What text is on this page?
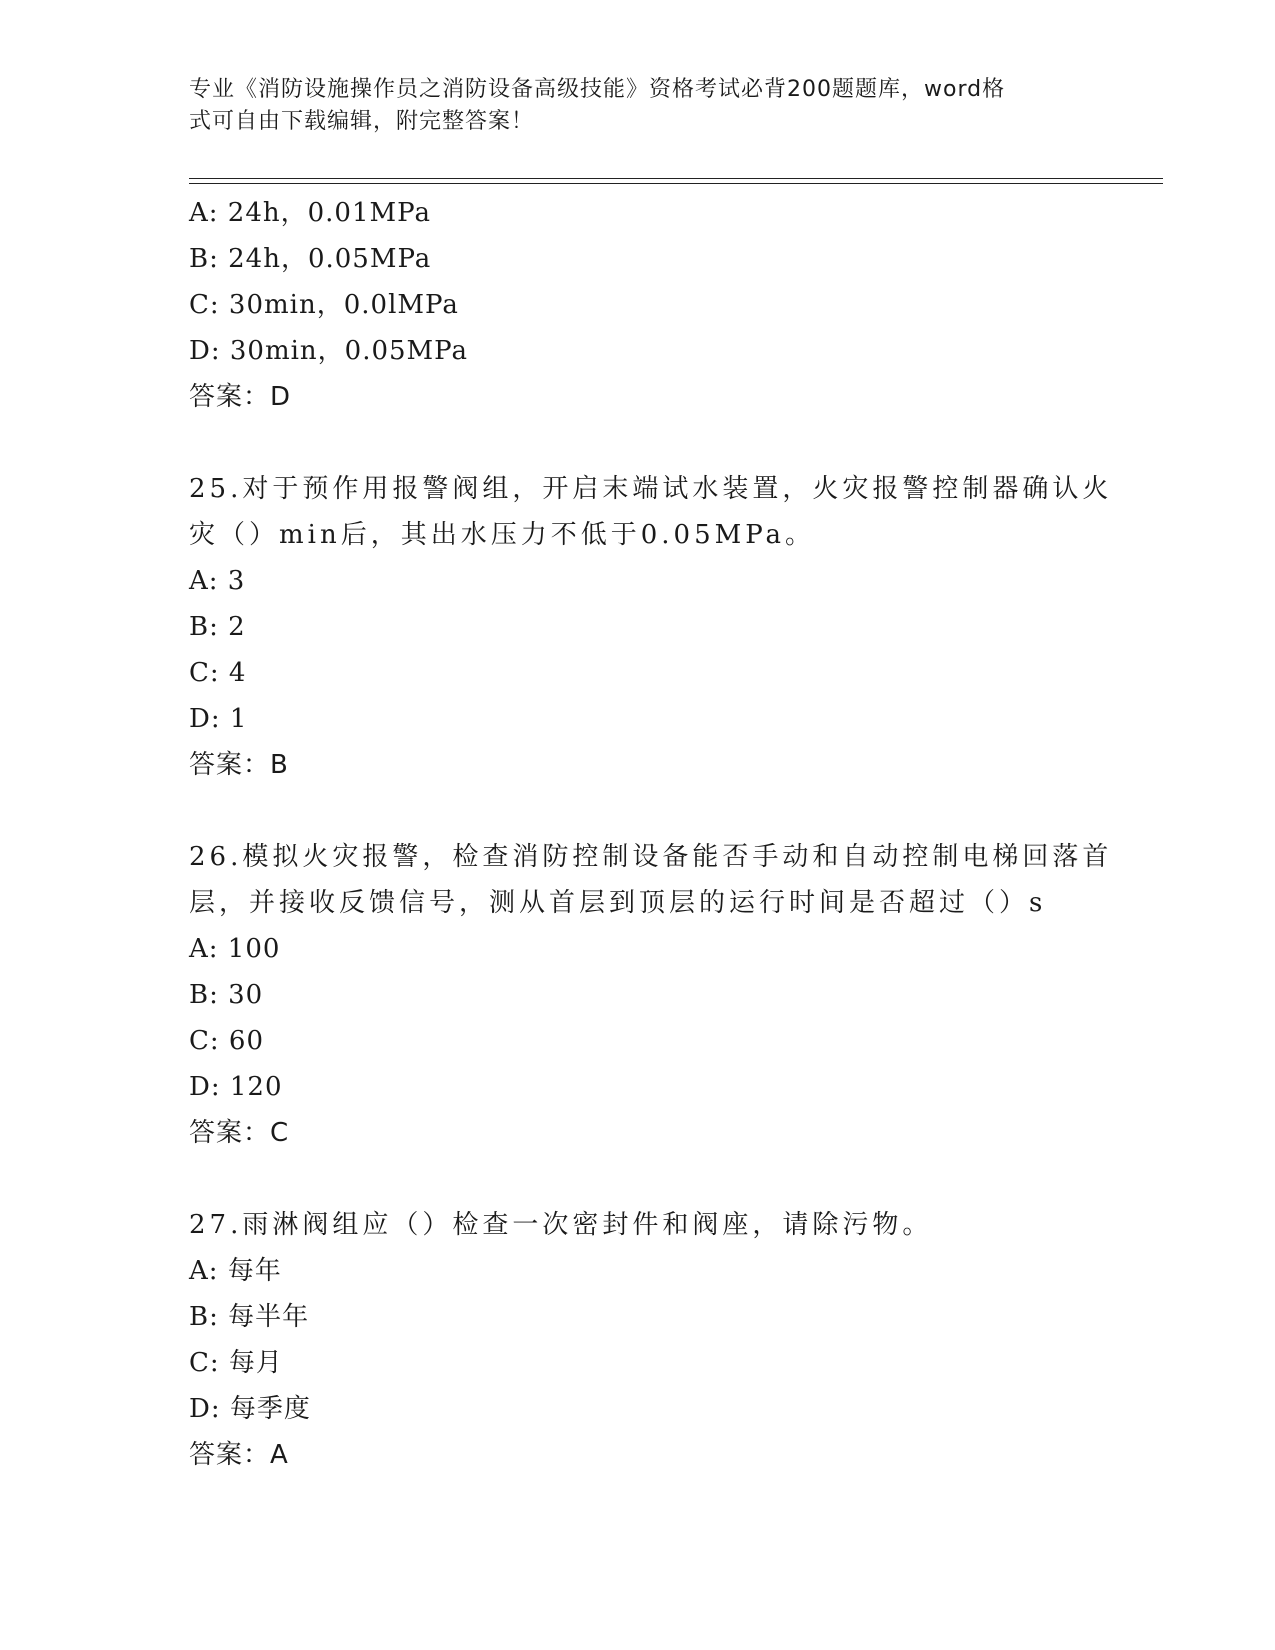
专业《消防设施操作员之消防设备高级技能》资格考试必背200题题库，word格
式可自由下载编辑，附完整答案！
A: 24h，0.01MPa
B: 24h，0.05MPa
C: 30min，0.0lMPa
D: 30min，0.05MPa
答案：D
25.对于预作用报警阀组，开启末端试水装置，火灾报警控制器确认火
灾（）min后，其出水压力不低于0.05MPa。
A: 3
B: 2
C: 4
D: 1
答案：B
26.模拟火灾报警，检查消防控制设备能否手动和自动控制电梯回落首
层，并接收反馈信号，测从首层到顶层的运行时间是否超过（）s
A: 100
B: 30
C: 60
D: 120
答案：C
27.雨淋阀组应（）检查一次密封件和阀座，请除污物。
A: 每年
B: 每半年
C: 每月
D: 每季度
答案：A
